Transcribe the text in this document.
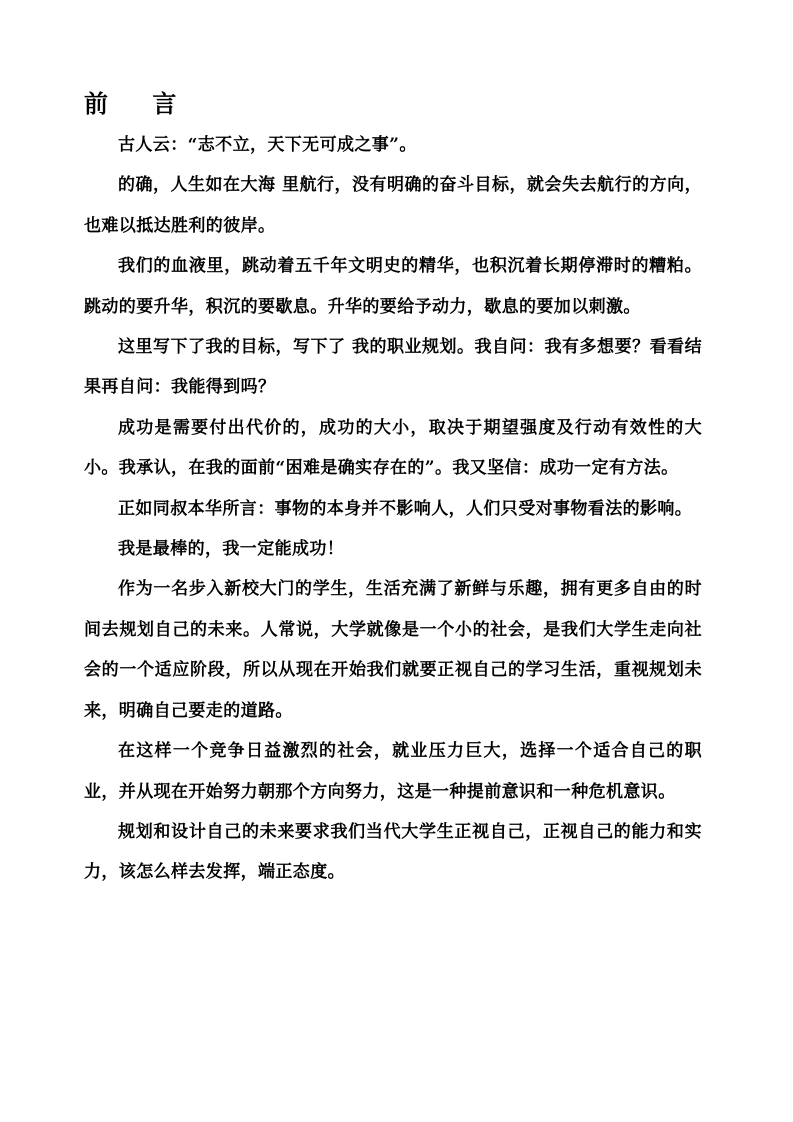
前 言

古人云：“志不立，天下无可成之事”。

的确，人生如在大海 里航行，没有明确的奋斗目标，就会失去航行的方向，也难以抵达胜利的彼岸。

我们的血液里，跳动着五千年文明史的精华，也积沉着长期停滞时的糟粕。跳动的要升华，积沉的要歇息。升华的要给予动力，歇息的要加以刺激。

这里写下了我的目标，写下了 我的职业规划。我自问：我有多想要？看看结果再自问：我能得到吗？

成功是需要付出代价的，成功的大小，取决于期望强度及行动有效性的大小。我承认，在我的面前“困难是确实存在的”。我又坚信：成功一定有方法。

正如同叔本华所言：事物的本身并不影响人，人们只受对事物看法的影响。

我是最棒的，我一定能成功！

作为一名步入新校大门的学生，生活充满了新鲜与乐趣，拥有更多自由的时间去规划自己的未来。人常说，大学就像是一个小的社会，是我们大学生走向社会的一个适应阶段，所以从现在开始我们就要正视自己的学习生活，重视规划未来，明确自己要走的道路。

在这样一个竞争日益激烈的社会，就业压力巨大，选择一个适合自己的职业，并从现在开始努力朝那个方向努力，这是一种提前意识和一种危机意识。

规划和设计自己的未来要求我们当代大学生正视自己，正视自己的能力和实力，该怎么样去发挥，端正态度。
